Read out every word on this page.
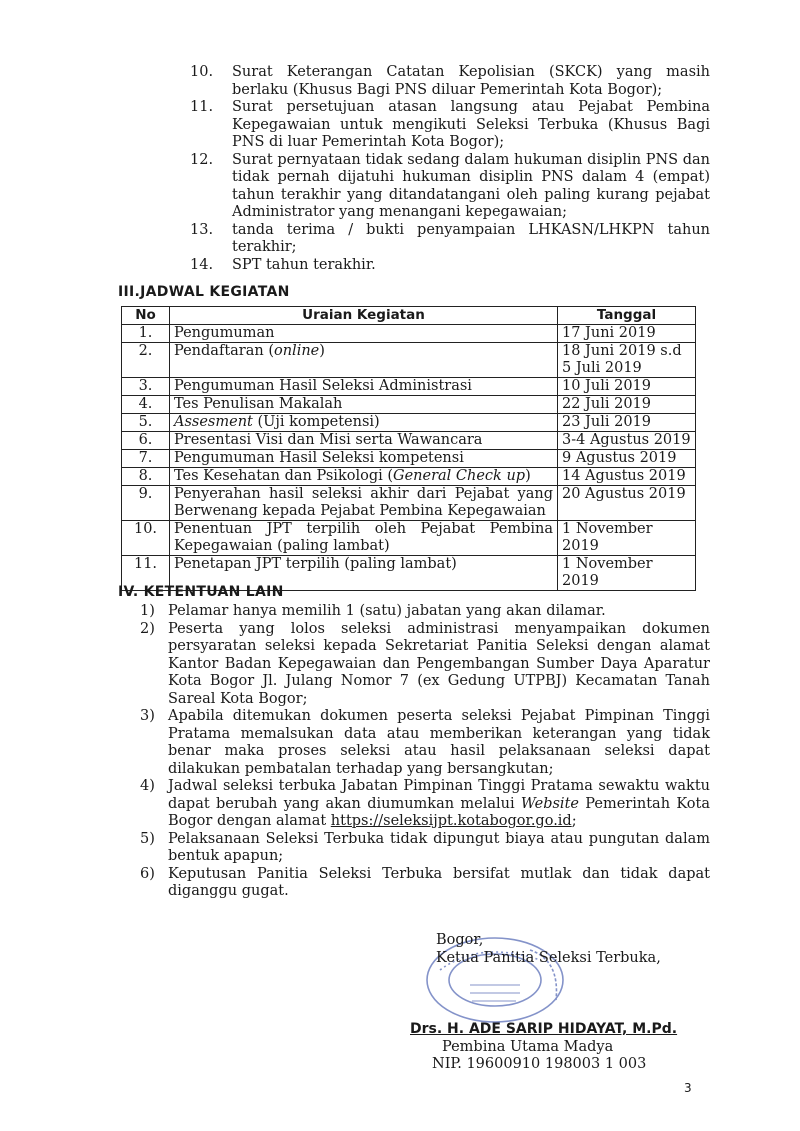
10. Surat Keterangan Catatan Kepolisian (SKCK) yang masih berlaku (Khusus Bagi PNS diluar Pemerintah Kota Bogor);
11. Surat persetujuan atasan langsung atau Pejabat Pembina Kepegawaian untuk mengikuti Seleksi Terbuka (Khusus Bagi PNS di luar Pemerintah Kota Bogor);
12. Surat pernyataan tidak sedang dalam hukuman disiplin PNS dan tidak pernah dijatuhi hukuman disiplin PNS dalam 4 (empat) tahun terakhir yang ditandatangani oleh paling kurang pejabat Administrator yang menangani kepegawaian;
13. tanda terima / bukti penyampaian LHKASN/LHKPN tahun terakhir;
14. SPT tahun terakhir.
III.JADWAL KEGIATAN
No	Uraian Kegiatan	Tanggal
1.	Pengumuman	17 Juni 2019
2.	Pendaftaran (online)	18 Juni 2019 s.d 5 Juli 2019
3.	Pengumuman Hasil Seleksi Administrasi	10 Juli 2019
4.	Tes Penulisan Makalah	22 Juli 2019
5.	Assesment (Uji kompetensi)	23 Juli 2019
6.	Presentasi Visi dan Misi serta Wawancara	3-4 Agustus 2019
7.	Pengumuman Hasil Seleksi kompetensi	9 Agustus 2019
8.	Tes Kesehatan dan Psikologi (General Check up)	14 Agustus 2019
9.	Penyerahan hasil seleksi akhir dari Pejabat yang Berwenang kepada Pejabat Pembina Kepegawaian	20 Agustus 2019
10.	Penentuan JPT terpilih oleh Pejabat Pembina Kepegawaian (paling lambat)	1 November 2019
11.	Penetapan JPT terpilih (paling lambat)	1 November 2019
IV. KETENTUAN LAIN
1) Pelamar hanya memilih 1 (satu) jabatan yang akan dilamar.
2) Peserta yang lolos seleksi administrasi menyampaikan dokumen persyaratan seleksi kepada Sekretariat Panitia Seleksi dengan alamat Kantor Badan Kepegawaian dan Pengembangan Sumber Daya Aparatur Kota Bogor Jl. Julang Nomor 7 (ex Gedung UTPBJ) Kecamatan Tanah Sareal Kota Bogor;
3) Apabila ditemukan dokumen peserta seleksi Pejabat Pimpinan Tinggi Pratama memalsukan data atau memberikan keterangan yang tidak benar maka proses seleksi atau hasil pelaksanaan seleksi dapat dilakukan pembatalan terhadap yang bersangkutan;
4) Jadwal seleksi terbuka Jabatan Pimpinan Tinggi Pratama sewaktu waktu dapat berubah yang akan diumumkan melalui Website Pemerintah Kota Bogor dengan alamat https://seleksijpt.kotabogor.go.id;
5) Pelaksanaan Seleksi Terbuka tidak dipungut biaya atau pungutan dalam bentuk apapun;
6) Keputusan Panitia Seleksi Terbuka bersifat mutlak dan tidak dapat diganggu gugat.
Bogor,
Ketua Panitia Seleksi Terbuka,
Drs. H. ADE SARIP HIDAYAT, M.Pd.
Pembina Utama Madya
NIP. 19600910 198003 1 003
3
